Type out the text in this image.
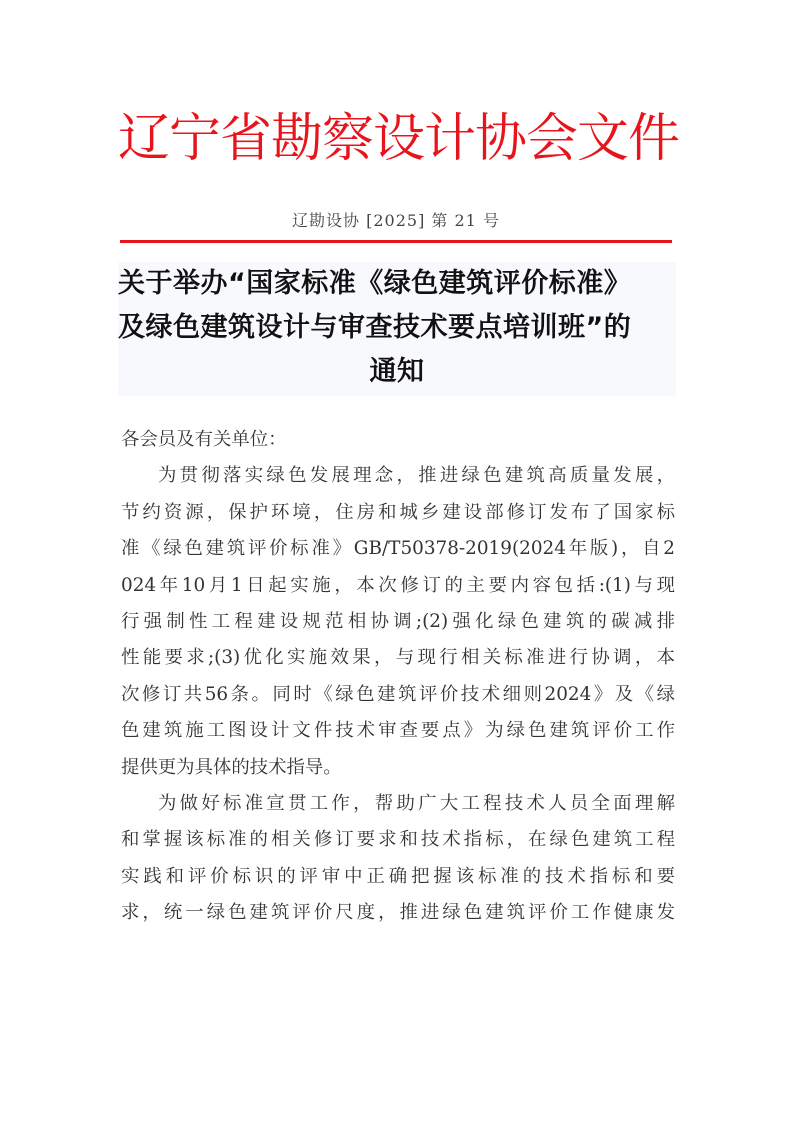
辽
宁
省
勘
察
设
计
协
会
文
件
辽勘设协 [2025] 第 21 号
关于举办“国家标准《绿色建筑评价标准》
及绿色建筑设计与审查技术要点培训班”的
通知
各会员及有关单位：
为贯彻落实绿色发展理念，推进绿色建筑高质量发展，
节约资源，保护环境，住房和城乡建设部修订发布了国家标
准《绿色建筑评价标准》GB/T50378-2019(2024年版)，自2
024年10月1日起实施，本次修订的主要内容包括:(1)与现
行强制性工程建设规范相协调;(2)强化绿色建筑的碳减排
性能要求;(3)优化实施效果，与现行相关标准进行协调，本
次修订共56条。同时《绿色建筑评价技术细则2024》及《绿
色建筑施工图设计文件技术审查要点》为绿色建筑评价工作
提供更为具体的技术指导。
为做好标准宣贯工作，帮助广大工程技术人员全面理解
和掌握该标准的相关修订要求和技术指标，在绿色建筑工程
实践和评价标识的评审中正确把握该标准的技术指标和要
求，统一绿色建筑评价尺度，推进绿色建筑评价工作健康发
